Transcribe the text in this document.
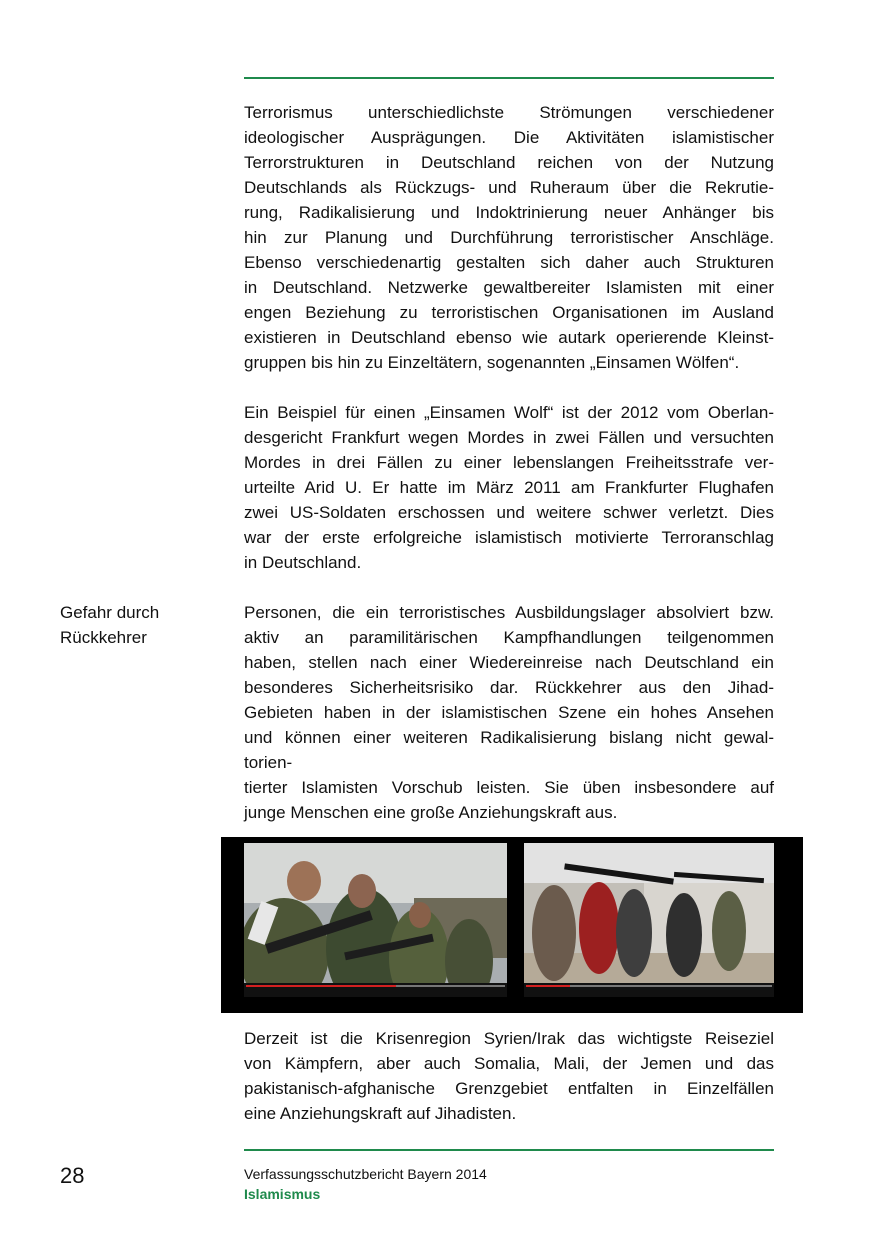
Terrorismus unterschiedlichste Strömungen verschiedener
ideologischer Ausprägungen. Die Aktivitäten islamistischer
Terrorstrukturen in Deutschland reichen von der Nutzung
Deutschlands als Rückzugs- und Ruheraum über die Rekrutie-
rung, Radikalisierung und Indoktrinierung neuer Anhänger bis
hin zur Planung und Durchführung terroristischer Anschläge.
Ebenso verschiedenartig gestalten sich daher auch Strukturen
in Deutschland. Netzwerke gewaltbereiter Islamisten mit einer
engen Beziehung zu terroristischen Organisationen im Ausland
existieren in Deutschland ebenso wie autark operierende Kleinst-
gruppen bis hin zu Einzeltätern, sogenannten „Einsamen Wölfen“.
Ein Beispiel für einen „Einsamen Wolf“ ist der 2012 vom Oberlan-
desgericht Frankfurt wegen Mordes in zwei Fällen und versuchten
Mordes in drei Fällen zu einer lebenslangen Freiheitsstrafe ver-
urteilte Arid U. Er hatte im März 2011 am Frankfurter Flughafen
zwei US-Soldaten erschossen und weitere schwer verletzt. Dies
war der erste erfolgreiche islamistisch motivierte Terroranschlag
in Deutschland.
Gefahr durch
Rückkehrer
Personen, die ein terroristisches Ausbildungslager absolviert bzw.
aktiv an paramilitärischen Kampfhandlungen teilgenommen
haben, stellen nach einer Wiedereinreise nach Deutschland ein
besonderes Sicherheitsrisiko dar. Rückkehrer aus den Jihad-
Gebieten haben in der islamistischen Szene ein hohes Ansehen
und können einer weiteren Radikalisierung bislang nicht gewal-
torien-
tierter Islamisten Vorschub leisten. Sie üben insbesondere auf
junge Menschen eine große Anziehungskraft aus.
Derzeit ist die Krisenregion Syrien/Irak das wichtigste Reiseziel
von Kämpfern, aber auch Somalia, Mali, der Jemen und das
pakistanisch-afghanische Grenzgebiet entfalten in Einzelfällen
eine Anziehungskraft auf Jihadisten.
28	Verfassungsschutzbericht Bayern 2014
Islamismus
